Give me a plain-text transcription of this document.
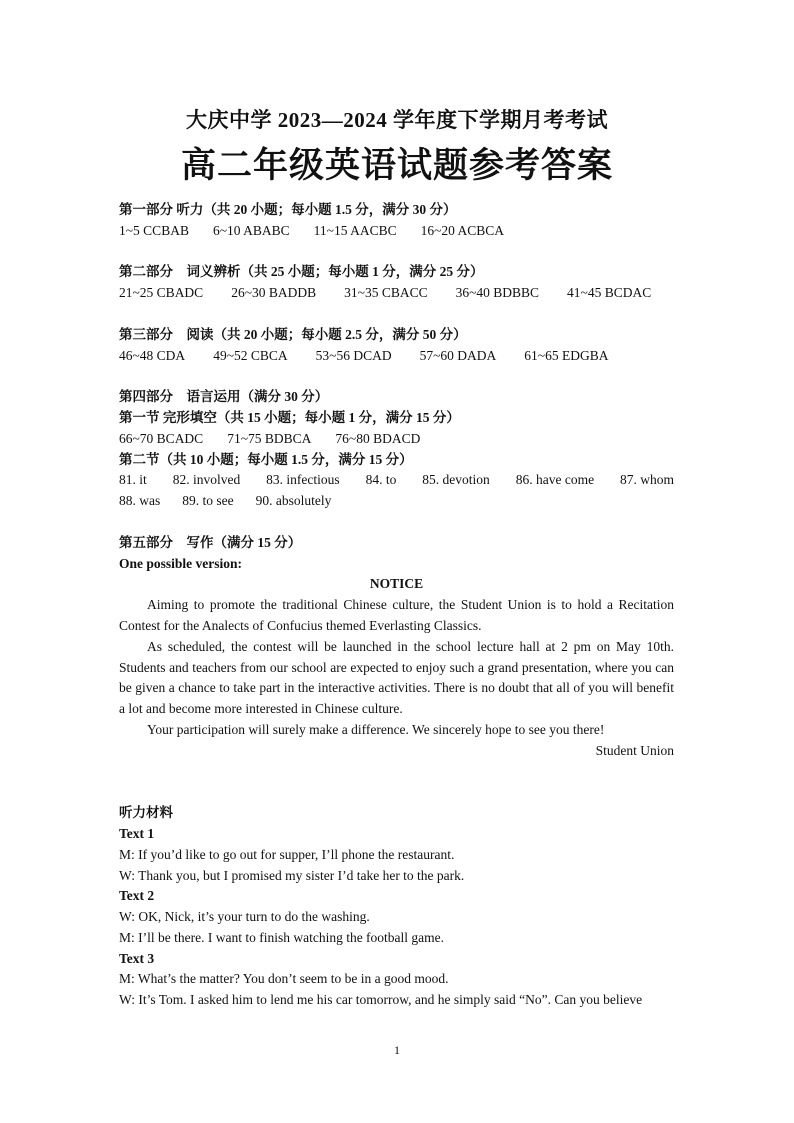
大庆中学 2023—2024 学年度下学期月考考试
高二年级英语试题参考答案
第一部分 听力（共 20 小题；每小题 1.5 分，满分 30 分）
1~5 CCBAB 6~10 ABABC 11~15 AACBC 16~20 ACBCA
第二部分　词义辨析（共 25 小题；每小题 1 分，满分 25 分）
21~25 CBADC 26~30 BADDB 31~35 CBACC 36~40 BDBBC 41~45 BCDAC
第三部分　阅读（共 20 小题；每小题 2.5 分，满分 50 分）
46~48 CDA 49~52 CBCA 53~56 DCAD 57~60 DADA 61~65 EDGBA
第四部分　语言运用（满分 30 分）
第一节 完形填空（共 15 小题；每小题 1 分，满分 15 分）
66~70 BCADC 71~75 BDBCA 76~80 BDACD
第二节（共 10 小题；每小题 1.5 分，满分 15 分）
81. it 82. involved 83. infectious 84. to 85. devotion 86. have come 87. whom
88. was 89. to see 90. absolutely
第五部分　写作（满分 15 分）
One possible version:
NOTICE
Aiming to promote the traditional Chinese culture, the Student Union is to hold a Recitation Contest for the Analects of Confucius themed Everlasting Classics.
As scheduled, the contest will be launched in the school lecture hall at 2 pm on May 10th. Students and teachers from our school are expected to enjoy such a grand presentation, where you can be given a chance to take part in the interactive activities. There is no doubt that all of you will benefit a lot and become more interested in Chinese culture.
Your participation will surely make a difference. We sincerely hope to see you there!
Student Union
听力材料
Text 1
M: If you’d like to go out for supper, I’ll phone the restaurant.
W: Thank you, but I promised my sister I’d take her to the park.
Text 2
W: OK, Nick, it’s your turn to do the washing.
M: I’ll be there. I want to finish watching the football game.
Text 3
M: What’s the matter? You don’t seem to be in a good mood.
W: It’s Tom. I asked him to lend me his car tomorrow, and he simply said “No”. Can you believe
1
